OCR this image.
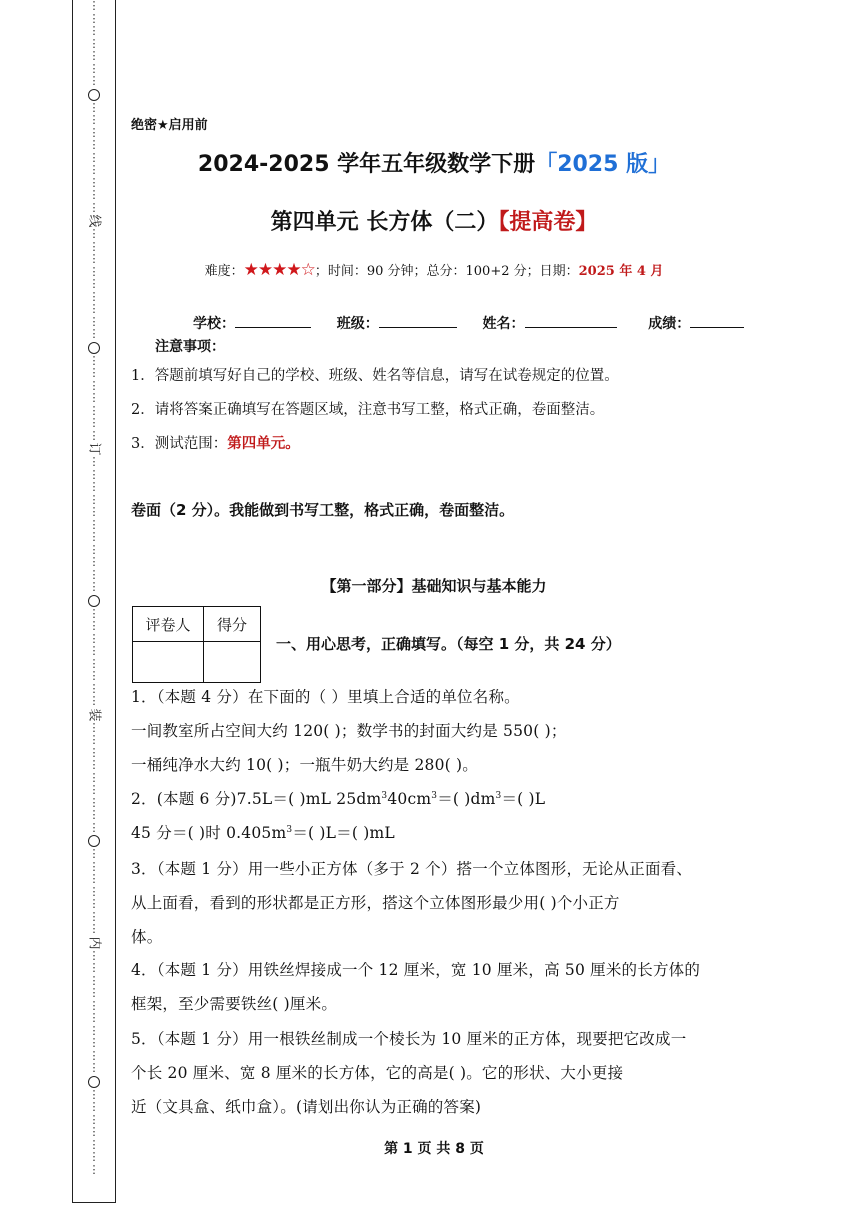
⋮
⋮
⋮
⋮
⋮
⋮
⋮
⋮
⋮
⋮
⋮
⋮
⋮
⋮
⋮
⋮
线
⋮
⋮
⋮
⋮
⋮
⋮
⋮
⋮
⋮
⋮
⋮
⋮
⋮
⋮
⋮
⋮
订
⋮
⋮
⋮
⋮
⋮
⋮
⋮
⋮
⋮
⋮
⋮
⋮
⋮
⋮
⋮
⋮
⋮
⋮
⋮
装
⋮
⋮
⋮
⋮
⋮
⋮
⋮
⋮
⋮
⋮
⋮
⋮
⋮
⋮
⋮
⋮
内
⋮
⋮
⋮
⋮
⋮
⋮
⋮
⋮
⋮
⋮
⋮
⋮
⋮
⋮
⋮
⋮
⋮
绝密★启用前
2024-2025 学年五年级数学下册「2025 版」
第四单元 长方体（二）【提高卷】
难度：★★★★☆；时间：90 分钟；总分：100+2 分；日期：2025 年 4 月
学校：	班级：	姓名：	成绩：
注意事项：
1．答题前填写好自己的学校、班级、姓名等信息，请写在试卷规定的位置。
2．请将答案正确填写在答题区域，注意书写工整，格式正确，卷面整洁。
3．测试范围：第四单元。
卷面（2 分）。我能做到书写工整，格式正确，卷面整洁。
【第一部分】基础知识与基本能力
评卷人	得分

一、用心思考，正确填写。（每空 1 分，共 24 分）
1．（本题 4 分）在下面的（ ）里填上合适的单位名称。
一间教室所占空间大约 120( )；数学书的封面大约是 550( )；
一桶纯净水大约 10( )；一瓶牛奶大约是 280( )。
2．(本题 6 分)7.5L＝( )mL $25dm^340cm^3=$( )$dm^3=$( )L
45 分＝( )时 $0.405m^3=$( )L＝( )mL
3．（本题 1 分）用一些小正方体（多于 2 个）搭一个立体图形，无论从正面看、
从上面看，看到的形状都是正方形，搭这个立体图形最少用( )个小正方
体。
4．（本题 1 分）用铁丝焊接成一个 12 厘米，宽 10 厘米，高 50 厘米的长方体的
框架，至少需要铁丝( )厘米。
5．（本题 1 分）用一根铁丝制成一个棱长为 10 厘米的正方体，现要把它改成一
个长 20 厘米、宽 8 厘米的长方体，它的高是( )。它的形状、大小更接
近（文具盒、纸巾盒）。(请划出你认为正确的答案)
第 1 页 共 8 页
